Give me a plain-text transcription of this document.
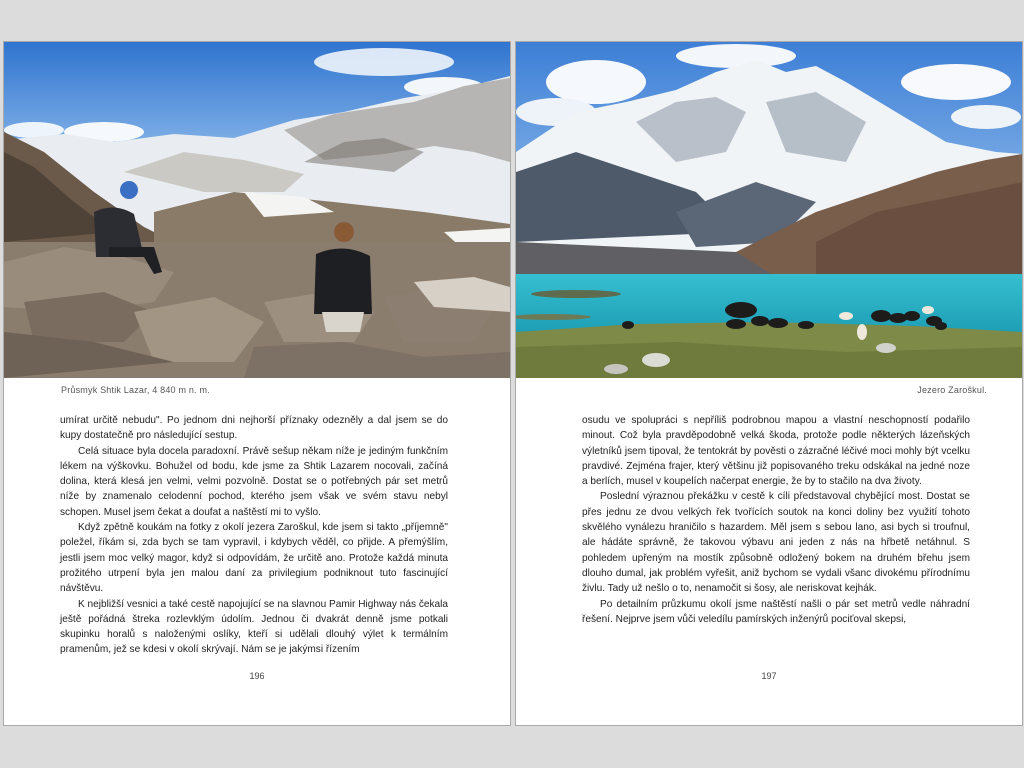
Průsmyk Shtik Lazar, 4 840 m n. m.

umírat určitě nebudu". Po jednom dni nejhorší příznaky odezněly a dal jsem se do kupy dostatečně pro následující sestup.

Celá situace byla docela paradoxní. Právě sešup někam níže je jediným funkčním lékem na výškovku. Bohužel od bodu, kde jsme za Shtik Lazarem nocovali, začíná dolina, která klesá jen velmi, velmi pozvolně. Dostat se o potřebných pár set metrů níže by znamenalo celodenní pochod, kterého jsem však ve svém stavu nebyl schopen. Musel jsem čekat a doufat a naštěstí mi to vyšlo.

Když zpětně koukám na fotky z okolí jezera Zaroškul, kde jsem si takto „příjemně" poležel, říkám si, zda bych se tam vypravil, i kdybych věděl, co přijde. A přemýšlím, jestli jsem moc velký magor, když si odpovídám, že určitě ano. Protože každá minuta prožitého utrpení byla jen malou daní za privilegium podniknout tuto fascinující návštěvu.

K nejbližší vesnici a také cestě napojující se na slavnou Pamir Highway nás čekala ještě pořádná štreka rozlevklým údolím. Jednou či dvakrát denně jsme potkali skupinku horalů s naloženými oslíky, kteří si udělali dlouhý výlet k termálním pramenům, jež se kdesi v okolí skrývají. Nám se je jakýmsi řízením

196
Jezero Zaroškul.

osudu ve spolupráci s nepříliš podrobnou mapou a vlastní neschopností podařilo minout. Což byla pravděpodobně velká škoda, protože podle některých lázeňských výletníků jsem tipoval, že tentokrát by pověsti o zázračné léčivé moci mohly být vcelku pravdivé. Zejména frajer, který většinu již popisovaného treku odskákal na jedné noze a berlích, musel v koupelích načerpat energie, že by to stačilo na dva životy.

Poslední výraznou překážku v cestě k cíli představoval chybějící most. Dostat se přes jednu ze dvou velkých řek tvořících soutok na konci doliny bez využití tohoto skvělého vynálezu hraničilo s hazardem. Měl jsem s sebou lano, asi bych si troufnul, ale hádáte správně, že takovou výbavu ani jeden z nás na hřbetě netáhnul. S pohledem upřeným na mostík způsobně odložený bokem na druhém břehu jsem dlouho dumal, jak problém vyřešit, aniž bychom se vydali všanc divokému přírodnímu živlu. Tady už nešlo o to, nenamočit si šosy, ale neriskovat kejhák.

Po detailním průzkumu okolí jsme naštěstí našli o pár set metrů vedle náhradní řešení. Nejprve jsem vůči veledílu pamírských inženýrů pociťoval skepsi,

197
